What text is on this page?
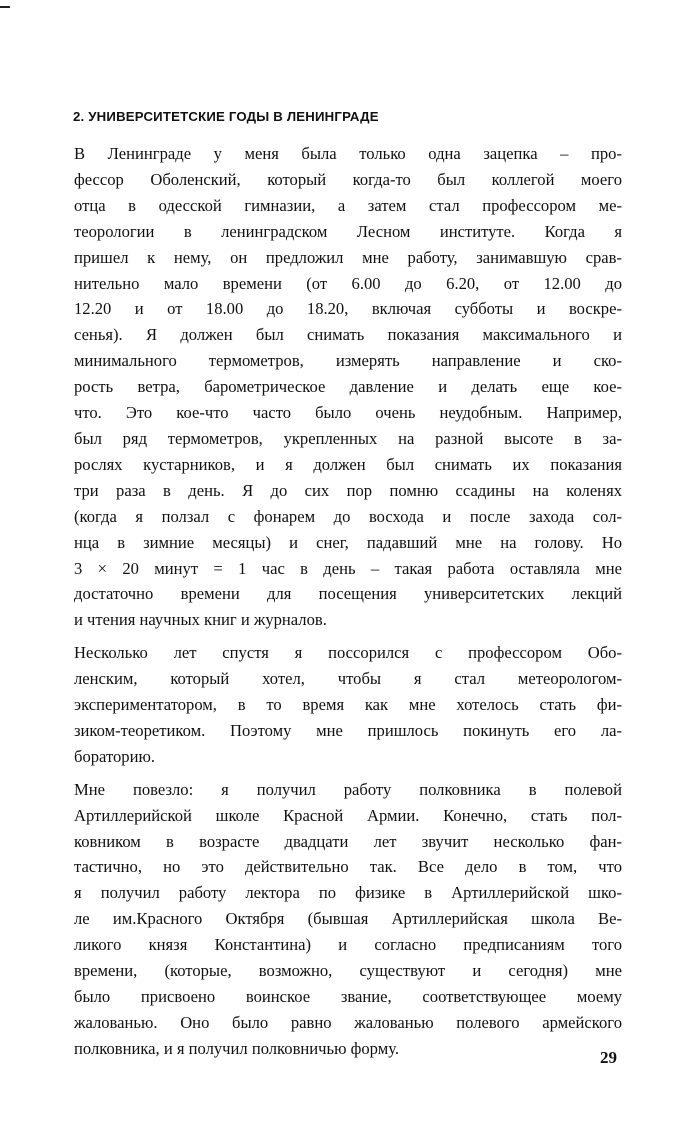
2. УНИВЕРСИТЕТСКИЕ ГОДЫ В ЛЕНИНГРАДЕ

В Ленинграде у меня была только одна зацепка – про-
фессор Оболенский, который когда-то был коллегой моего
отца в одесской гимназии, а затем стал профессором ме-
теорологии в ленинградском Лесном институте. Когда я
пришел к нему, он предложил мне работу, занимавшую срав-
нительно мало времени (от 6.00 до 6.20, от 12.00 до
12.20 и от 18.00 до 18.20, включая субботы и воскре-
сенья). Я должен был снимать показания максимального и
минимального термометров, измерять направление и ско-
рость ветра, барометрическое давление и делать еще кое-
что. Это кое-что часто было очень неудобным. Например,
был ряд термометров, укрепленных на разной высоте в за-
рослях кустарников, и я должен был снимать их показания
три раза в день. Я до сих пор помню ссадины на коленях
(когда я ползал с фонарем до восхода и после захода сол-
нца в зимние месяцы) и снег, падавший мне на голову. Но
3 × 20 минут = 1 час в день – такая работа оставляла мне
достаточно времени для посещения университетских лекций
и чтения научных книг и журналов.

Несколько лет спустя я поссорился с профессором Обо-
ленским, который хотел, чтобы я стал метеорологом-
экспериментатором, в то время как мне хотелось стать фи-
зиком-теоретиком. Поэтому мне пришлось покинуть его ла-
бораторию.

Мне повезло: я получил работу полковника в полевой
Артиллерийской школе Красной Армии. Конечно, стать пол-
ковником в возрасте двадцати лет звучит несколько фан-
тастично, но это действительно так. Все дело в том, что
я получил работу лектора по физике в Артиллерийской шко-
ле им.Красного Октября (бывшая Артиллерийская школа Ве-
ликого князя Константина) и согласно предписаниям того
времени, (которые, возможно, существуют и сегодня) мне
было присвоено воинское звание, соответствующее моему
жалованью. Оно было равно жалованью полевого армейского
полковника, и я получил полковничью форму.	29
